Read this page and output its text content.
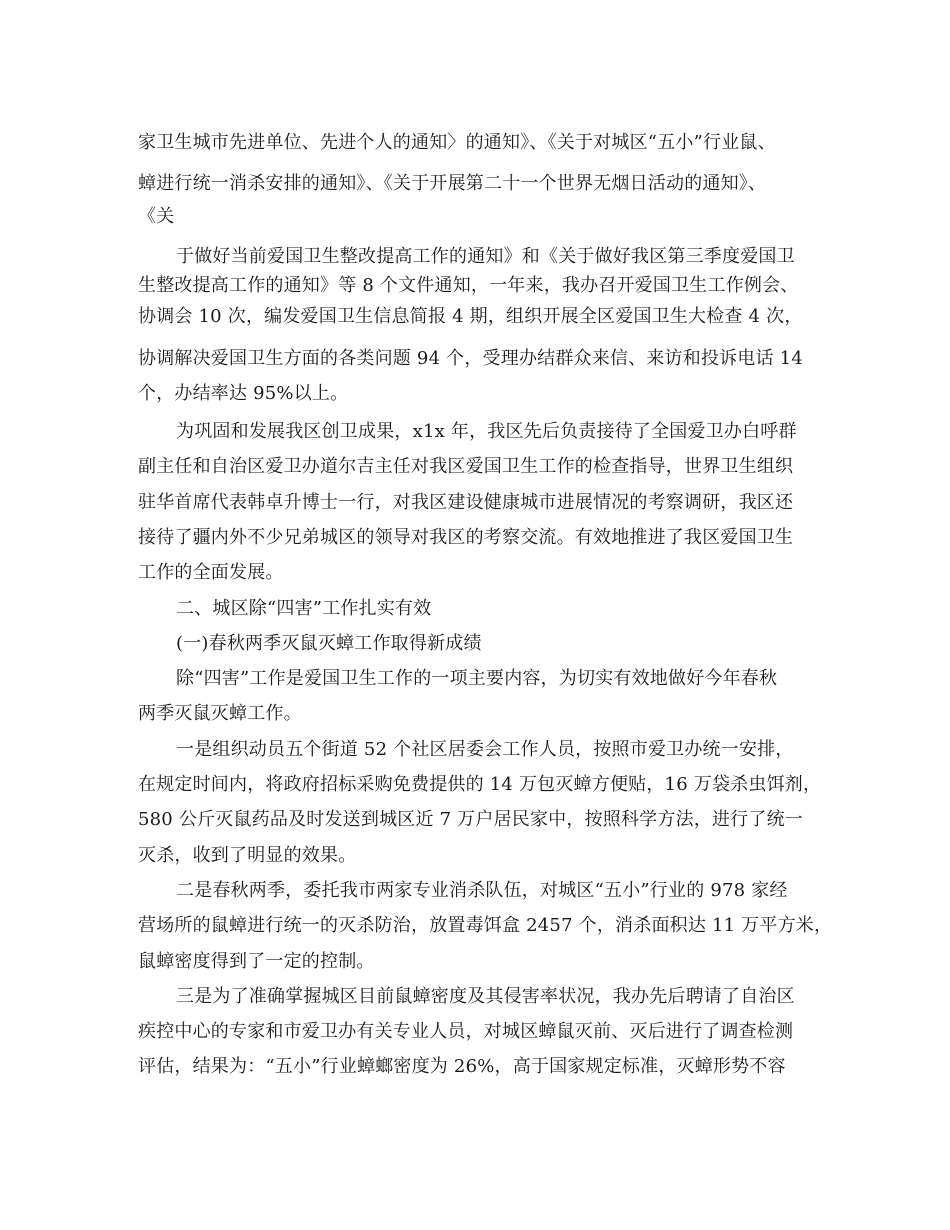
家卫生城市先进单位、先进个人的通知〉的通知》、《关于对城区“五小”行业鼠、
蟑进行统一消杀安排的通知》、《关于开展第二十一个世界无烟日活动的通知》、
《关
于做好当前爱国卫生整改提高工作的通知》和《关于做好我区第三季度爱国卫
生整改提高工作的通知》等 8 个文件通知，一年来，我办召开爱国卫生工作例会、
协调会 10 次，编发爱国卫生信息简报 4 期，组织开展全区爱国卫生大检查 4 次，
协调解决爱国卫生方面的各类问题 94 个，受理办结群众来信、来访和投诉电话 14
个，办结率达 95%以上。
为巩固和发展我区创卫成果，x1x 年，我区先后负责接待了全国爱卫办白呼群
副主任和自治区爱卫办道尔吉主任对我区爱国卫生工作的检查指导，世界卫生组织
驻华首席代表韩卓升博士一行，对我区建设健康城市进展情况的考察调研，我区还
接待了疆内外不少兄弟城区的领导对我区的考察交流。有效地推进了我区爱国卫生
工作的全面发展。
二、城区除“四害”工作扎实有效
(一)春秋两季灭鼠灭蟑工作取得新成绩
除“四害”工作是爱国卫生工作的一项主要内容，为切实有效地做好今年春秋
两季灭鼠灭蟑工作。
一是组织动员五个街道 52 个社区居委会工作人员，按照市爱卫办统一安排，
在规定时间内，将政府招标采购免费提供的 14 万包灭蟑方便贴，16 万袋杀虫饵剂，
580 公斤灭鼠药品及时发送到城区近 7 万户居民家中，按照科学方法，进行了统一
灭杀，收到了明显的效果。
二是春秋两季，委托我市两家专业消杀队伍，对城区“五小”行业的 978 家经
营场所的鼠蟑进行统一的灭杀防治，放置毒饵盒 2457 个，消杀面积达 11 万平方米，
鼠蟑密度得到了一定的控制。
三是为了准确掌握城区目前鼠蟑密度及其侵害率状况，我办先后聘请了自治区
疾控中心的专家和市爱卫办有关专业人员，对城区蟑鼠灭前、灭后进行了调查检测
评估，结果为：“五小”行业蟑螂密度为 26%，高于国家规定标准，灭蟑形势不容
